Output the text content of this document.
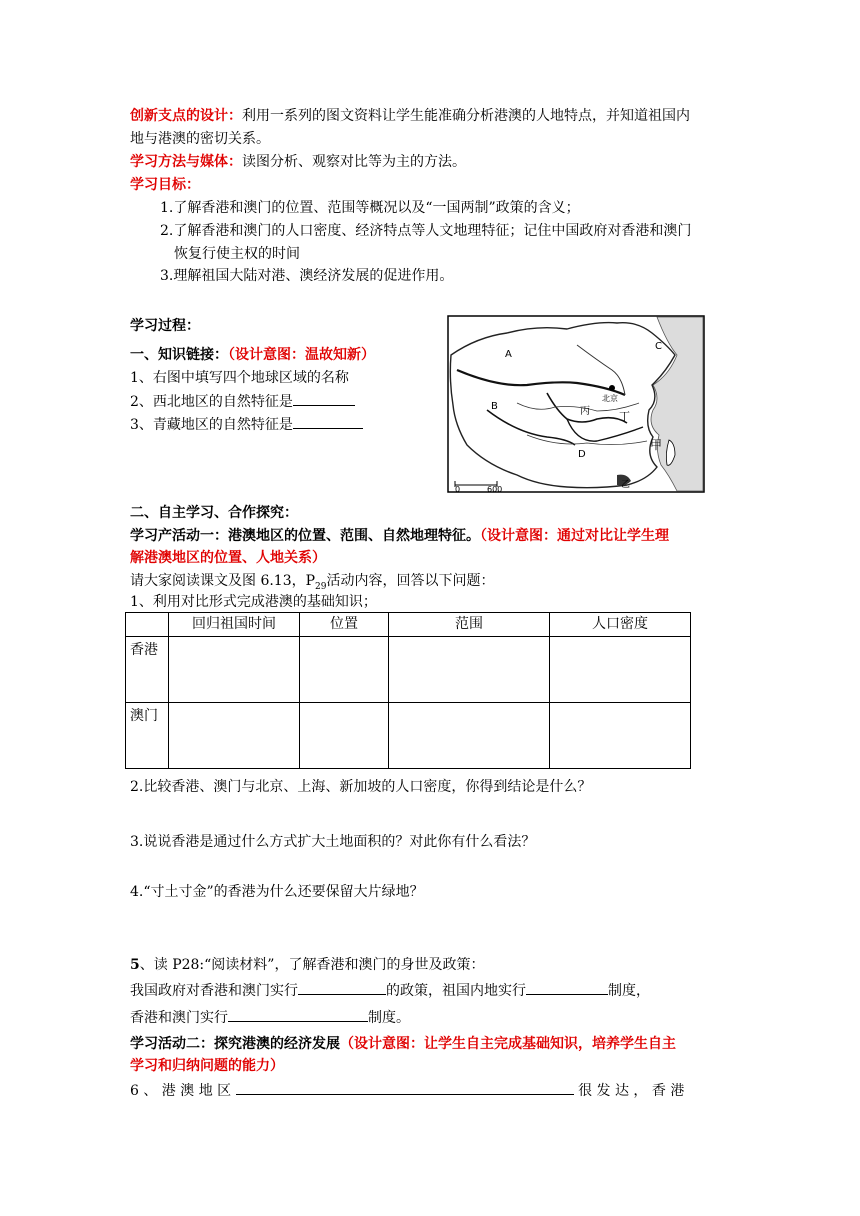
创新支点的设计：利用一系列的图文资料让学生能准确分析港澳的人地特点，并知道祖国内
地与港澳的密切关系。
学习方法与媒体：读图分析、观察对比等为主的方法。
学习目标：
1.了解香港和澳门的位置、范围等概况以及“一国两制”政策的含义；
2.了解香港和澳门的人口密度、经济特点等人文地理特征；记住中国政府对香港和澳门
恢复行使主权的时间
3.理解祖国大陆对港、澳经济发展的促进作用。
学习过程：
一、知识链接：（设计意图：温故知新）
1、右图中填写四个地球区域的名称
2、西北地区的自然特征是
3、青藏地区的自然特征是
北京
A
B
C
D
丙	丁
甲
乙
0	600
二、自主学习、合作探究：
学习产活动一：港澳地区的位置、范围、自然地理特征。（设计意图：通过对比让学生理
解港澳地区的位置、人地关系）
请大家阅读课文及图 6.13，$P_{29}$活动内容，回答以下问题：
1、利用对比形式完成港澳的基础知识；
	回归祖国时间	位置	范围	人口密度
香港				
澳门				
2.比较香港、澳门与北京、上海、新加坡的人口密度，你得到结论是什么？
3.说说香港是通过什么方式扩大土地面积的？对此你有什么看法？
4.“寸土寸金”的香港为什么还要保留大片绿地？
5、读 P28:“阅读材料”，了解香港和澳门的身世及政策：
我国政府对香港和澳门实行	的政策，祖国内地实行	制度，
香港和澳门实行	制度。
学习活动二：探究港澳的经济发展（设计意图：让学生自主完成基础知识，培养学生自主
学习和归纳问题的能力）
6 、 港 澳 地 区	很 发 达 ， 香 港
